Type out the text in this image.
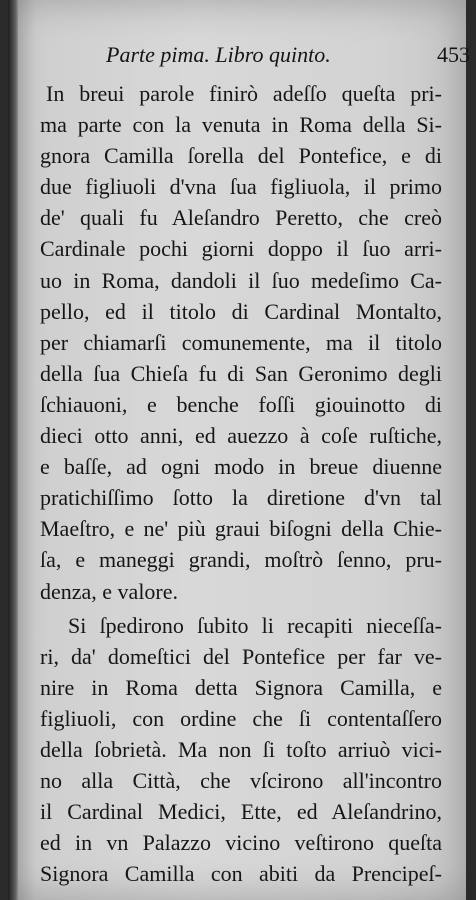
Parte pima. Libro quinto.	453
In breui parole finirò adeſſo queſta pri-
ma parte con la venuta in Roma della Si-
gnora Camilla ſorella del Pontefice, e di
due figliuoli d'vna ſua figliuola, il primo
de' quali fu Aleſandro Peretto, che creò
Cardinale pochi giorni doppo il ſuo arri-
uo in Roma, dandoli il ſuo medeſimo Ca-
pello, ed il titolo di Cardinal Montalto,
per chiamarſi comunemente, ma il titolo
della ſua Chieſa fu di San Geronimo degli
ſchiauoni, e benche foſſi giouinotto di
dieci otto anni, ed auezzo à coſe ruſtiche,
e baſſe, ad ogni modo in breue diuenne
pratichiſſimo ſotto la diretione d'vn tal
Maeſtro, e ne' più graui biſogni della Chie-
ſa, e maneggi grandi, moſtrò ſenno, pru-
denza, e valore.
Si ſpedirono ſubito li recapiti nieceſſa-
ri, da' domeſtici del Pontefice per far ve-
nire in Roma detta Signora Camilla, e
figliuoli, con ordine che ſi contentaſſero
della ſobrietà. Ma non ſi toſto arriuò vici-
no alla Città, che vſcirono all'incontro
il Cardinal Medici, Ette, ed Aleſandrino,
ed in vn Palazzo vicino veſtirono queſta
Signora Camilla con abiti da Prencipeſ-
